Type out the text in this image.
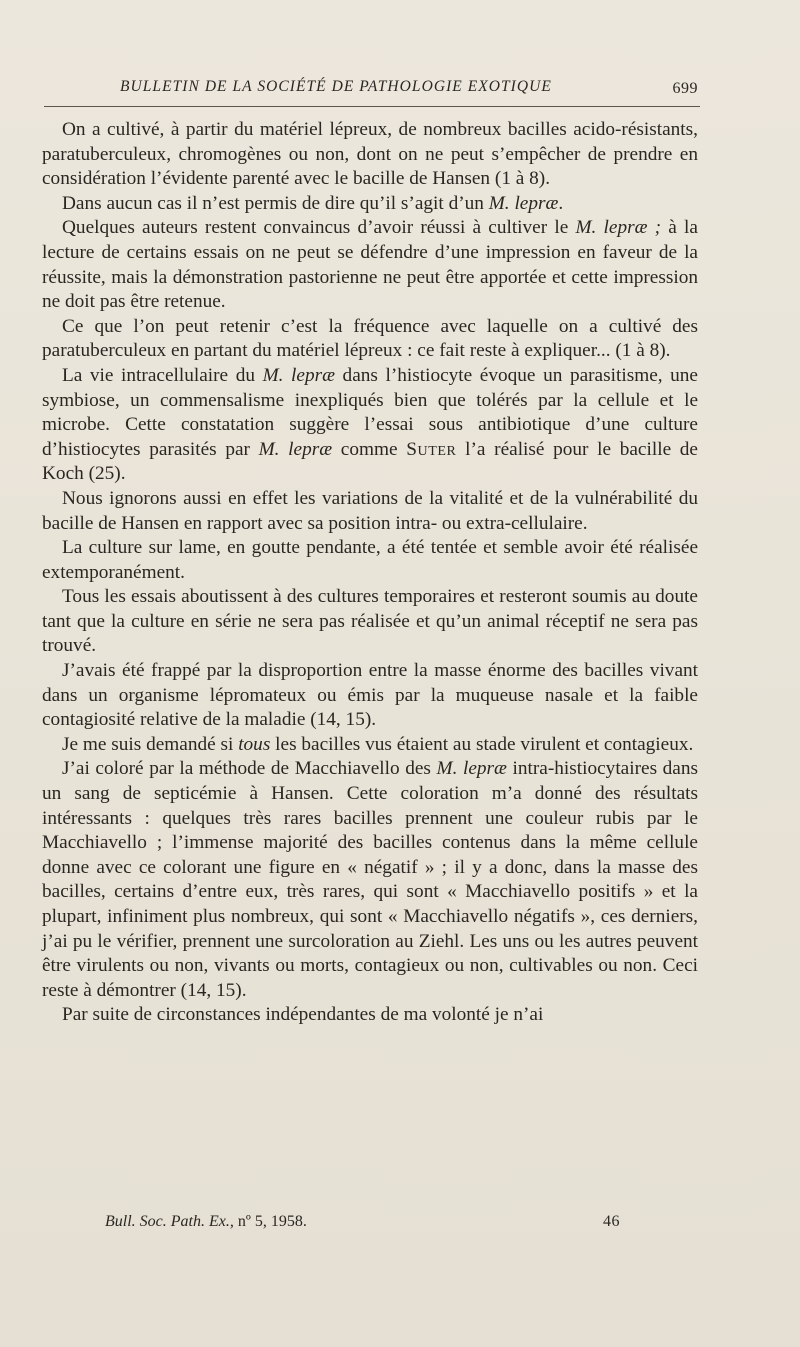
BULLETIN DE LA SOCIÉTÉ DE PATHOLOGIE EXOTIQUE	699

On a cultivé, à partir du matériel lépreux, de nombreux bacilles acido-résistants, paratuberculeux, chromogènes ou non, dont on ne peut s’empêcher de prendre en considération l’évidente parenté avec le bacille de Hansen (1 à 8).

Dans aucun cas il n’est permis de dire qu’il s’agit d’un M. lepræ.

Quelques auteurs restent convaincus d’avoir réussi à cultiver le M. lepræ ; à la lecture de certains essais on ne peut se défendre d’une impression en faveur de la réussite, mais la démonstration pastorienne ne peut être apportée et cette impression ne doit pas être retenue.

Ce que l’on peut retenir c’est la fréquence avec laquelle on a cultivé des paratuberculeux en partant du matériel lépreux : ce fait reste à expliquer... (1 à 8).

La vie intracellulaire du M. lepræ dans l’histiocyte évoque un parasitisme, une symbiose, un commensalisme inexpliqués bien que tolérés par la cellule et le microbe. Cette constatation suggère l’essai sous antibiotique d’une culture d’histiocytes parasités par M. lepræ comme Suter l’a réalisé pour le bacille de Koch (25).

Nous ignorons aussi en effet les variations de la vitalité et de la vulnérabilité du bacille de Hansen en rapport avec sa position intra- ou extra-cellulaire.

La culture sur lame, en goutte pendante, a été tentée et semble avoir été réalisée extemporanément.

Tous les essais aboutissent à des cultures temporaires et resteront soumis au doute tant que la culture en série ne sera pas réalisée et qu’un animal réceptif ne sera pas trouvé.

J’avais été frappé par la disproportion entre la masse énorme des bacilles vivant dans un organisme lépromateux ou émis par la muqueuse nasale et la faible contagiosité relative de la maladie (14, 15).

Je me suis demandé si tous les bacilles vus étaient au stade virulent et contagieux.

J’ai coloré par la méthode de Macchiavello des M. lepræ intra-histiocytaires dans un sang de septicémie à Hansen. Cette coloration m’a donné des résultats intéressants : quelques très rares bacilles prennent une couleur rubis par le Macchiavello ; l’immense majorité des bacilles contenus dans la même cellule donne avec ce colorant une figure en « négatif » ; il y a donc, dans la masse des bacilles, certains d’entre eux, très rares, qui sont « Macchiavello positifs » et la plupart, infiniment plus nombreux, qui sont « Macchiavello négatifs », ces derniers, j’ai pu le vérifier, prennent une surcoloration au Ziehl. Les uns ou les autres peuvent être virulents ou non, vivants ou morts, contagieux ou non, cultivables ou non. Ceci reste à démontrer (14, 15).

Par suite de circonstances indépendantes de ma volonté je n’ai

Bull. Soc. Path. Ex., nº 5, 1958.	46
